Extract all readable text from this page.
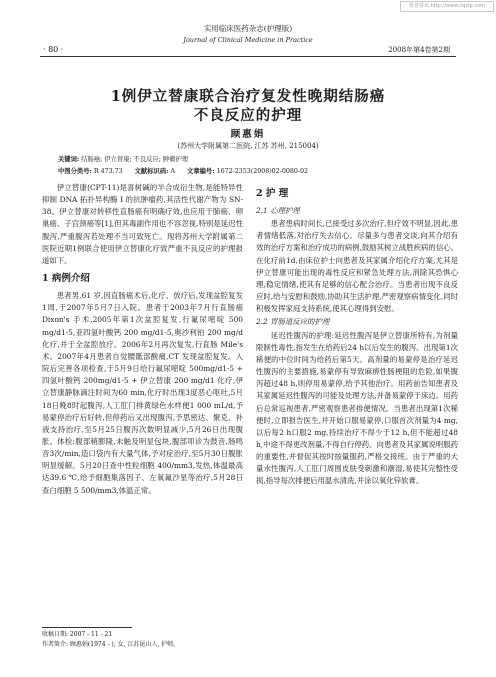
维普资讯 http://www.cqvip.com
实用临床医药杂志(护理版)
Journal of Clinical Medicine in Practice
· 80 ·	2008年第4卷第2期
1例伊立替康联合治疗复发性晚期结肠癌
不良反应的护理
顾惠娟
(苏州大学附属第二医院, 江苏 苏州, 215004)
关键词: 结肠癌; 伊立替康; 不良反应; 肿瘤护理
中图分类号: R 473.73 文献标识码: A 文章编号: 1672-2353(2008)02-0080-02

伊立替康(CPT-11)是喜树碱的半合成衍生物,是能特异性抑制 DNA 拓扑异构酶 I 的抗肿瘤药,其活性代谢产物为 SN-38。伊立替康对转移性直肠癌有明确疗效,也应用于肺癌、卵巢癌、子宫颈癌等[1],但其毒副作用也不容忽视,特别是延迟性腹泻,严重腹泻若处理不当可致死亡。现将苏州大学附属第二医院近期1例联合使用伊立替康化疗致严重不良反应的护理报道如下。

1 病例介绍

患者男,61 岁,因直肠癌术后,化疗、放疗后,发现盆腔复发1周,于2007年5月7日入院。患者于2003年7月行直肠癌 Dixon's 手术,2005年第1次盆腔复发,行氟尿嘧啶 500 mg/d1-5,亚四氢叶酸钙 200 mg/d1-5,奥沙利铂 200 mg/d化疗,并于全盆腔放疗。2006年2月再次复发,行直肠 Mile's 术。2007年4月患者自觉腰骶部酸痛,CT 发现盆腔复发。入院后完善各项检查,于5月9日给行氟尿嘧啶 500mg/d1-5 + 四氢叶酸钙 200mg/d1-5 + 伊立替康 200 mg/d1 化疗,伊立替康静脉滴注时间为60 min,化疗时出现3度恶心呕吐,5月18日晚8时起腹泻,人工肛门排黄绿色水样便1 000 mL/d,予易蒙停治疗后好转,但停药后又出现腹泻,予思密达、聚克、补液支持治疗,至5月25日腹泻次数明显减少,5月26日出现腹胀。体检:腹部稍膨隆,未触及明显包块,腹部叩诊为鼓音,肠鸣音3次/min,造口袋内有大量气体,予对症治疗,至5月30日腹胀明显缓解。5月20日查中性粒细胞 400/mm3,发热,体温最高达39.6 ℃,给予细胞集落因子、左氧氟沙星等治疗,5月28日查白细胞 5 500/mm3,体温正常。

2 护 理
2.1 心理护理

患者患病时间长,已接受过多次治疗,但疗效不明显,因此,患者情绪低落,对治疗失去信心。尽量多与患者交谈,向其介绍有效的治疗方案和治疗成功的病例,鼓励其树立战胜疾病的信心。在化疗前1d,由床位护士向患者及其家属介绍化疗方案,尤其是伊立替康可能出现的毒性反应和紧急处理方法,消除其恐惧心理,稳定情绪,使其有足够的信心配合治疗。当患者出现不良反应时,给与安慰和鼓励,协助其生活护理,严密观察病情变化,同时积极发挥家庭支持系统,使其心理得到安慰。

2.2 胃肠道反应的护理

延迟性腹泻的护理:延迟性腹泻是伊立替康所特有,为剂量限制性毒性,指发生在给药后24 h以后发生的腹泻。出现第1次稀便的中位时间为给药后第5天。高剂量的易蒙停是治疗延迟性腹泻的主要措施,易蒙停有导致麻痹性肠梗阻的危险,如果腹泻超过48 h,则停用易蒙停,给予其他治疗。用药前告知患者及其家属延迟性腹泻的可能及处理方法,并备易蒙停于床边。用药后总常巡视患者,严密观察患者排便情况。当患者出现第1次稀便时,立即报告医生,并开始口服易蒙停,口服首次剂量为4 mg,以后每2 h口服2 mg,持续治疗不得少于12 h,但不能超过48 h,中途不得更改剂量,不得自行停药。向患者及其家属说明服药的重要性,并督促其按时按量服药,严格交接班。由于严重的大量水性腹泻,人工肛门周围皮肤受刺激和潮湿,易使其完整性受损,指导每次排便后用温水清洗,并涂以氧化锌软膏。

收稿日期: 2007 - 11 - 21
作者简介: 顾惠娟(1974 - ), 女, 江苏昆山人, 护师。
